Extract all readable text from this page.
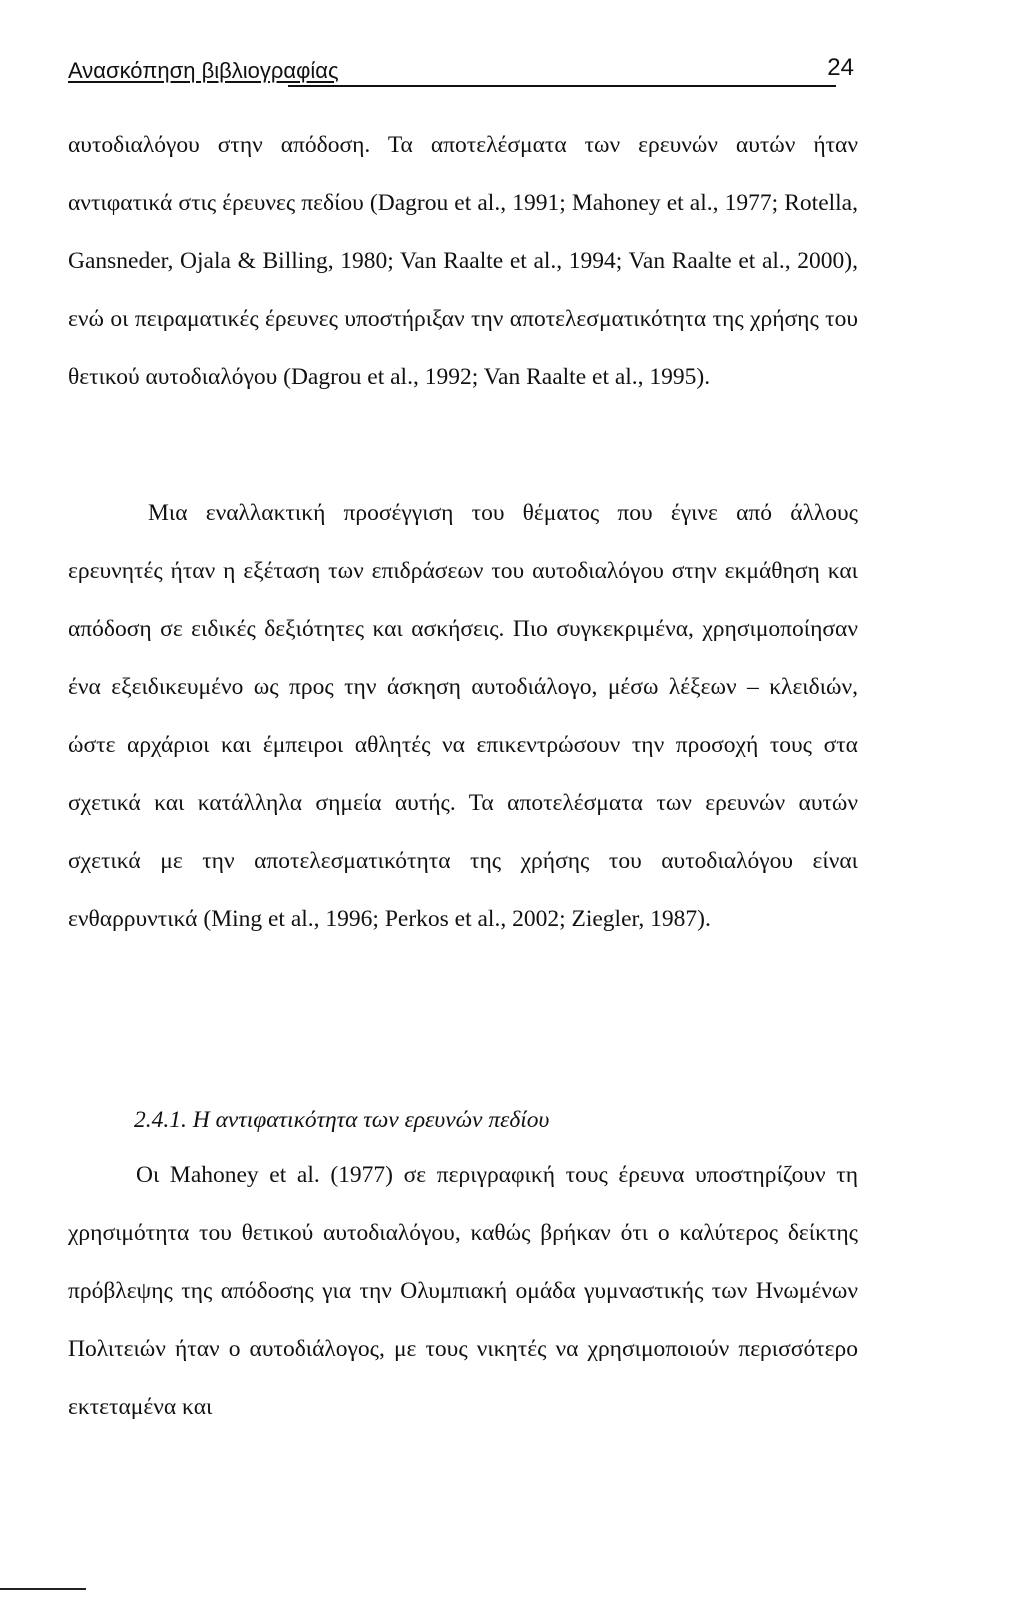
Ανασκόπηση βιβλιογραφίας	24

αυτοδιαλόγου στην απόδοση. Τα αποτελέσματα των ερευνών αυτών ήταν αντιφατικά στις έρευνες πεδίου (Dagrou et al., 1991; Mahoney et al., 1977; Rotella, Gansneder, Ojala & Billing, 1980; Van Raalte et al., 1994; Van Raalte et al., 2000), ενώ οι πειραματικές έρευνες υποστήριξαν την αποτελεσματικότητα της χρήσης του θετικού αυτοδιαλόγου (Dagrou et al., 1992; Van Raalte et al., 1995).

Μια εναλλακτική προσέγγιση του θέματος που έγινε από άλλους ερευνητές ήταν η εξέταση των επιδράσεων του αυτοδιαλόγου στην εκμάθηση και απόδοση σε ειδικές δεξιότητες και ασκήσεις. Πιο συγκεκριμένα, χρησιμοποίησαν ένα εξειδικευμένο ως προς την άσκηση αυτοδιάλογο, μέσω λέξεων – κλειδιών, ώστε αρχάριοι και έμπειροι αθλητές να επικεντρώσουν την προσοχή τους στα σχετικά και κατάλληλα σημεία αυτής. Τα αποτελέσματα των ερευνών αυτών σχετικά με την αποτελεσματικότητα της χρήσης του αυτοδιαλόγου είναι ενθαρρυντικά (Ming et al., 1996; Perkos et al., 2002; Ziegler, 1987).

2.4.1. Η αντιφατικότητα των ερευνών πεδίου

Οι Mahoney et al. (1977) σε περιγραφική τους έρευνα υποστηρίζουν τη χρησιμότητα του θετικού αυτοδιαλόγου, καθώς βρήκαν ότι ο καλύτερος δείκτης πρόβλεψης της απόδοσης για την Ολυμπιακή ομάδα γυμναστικής των Ηνωμένων Πολιτειών ήταν ο αυτοδιάλογος, με τους νικητές να χρησιμοποιούν περισσότερο εκτεταμένα και
